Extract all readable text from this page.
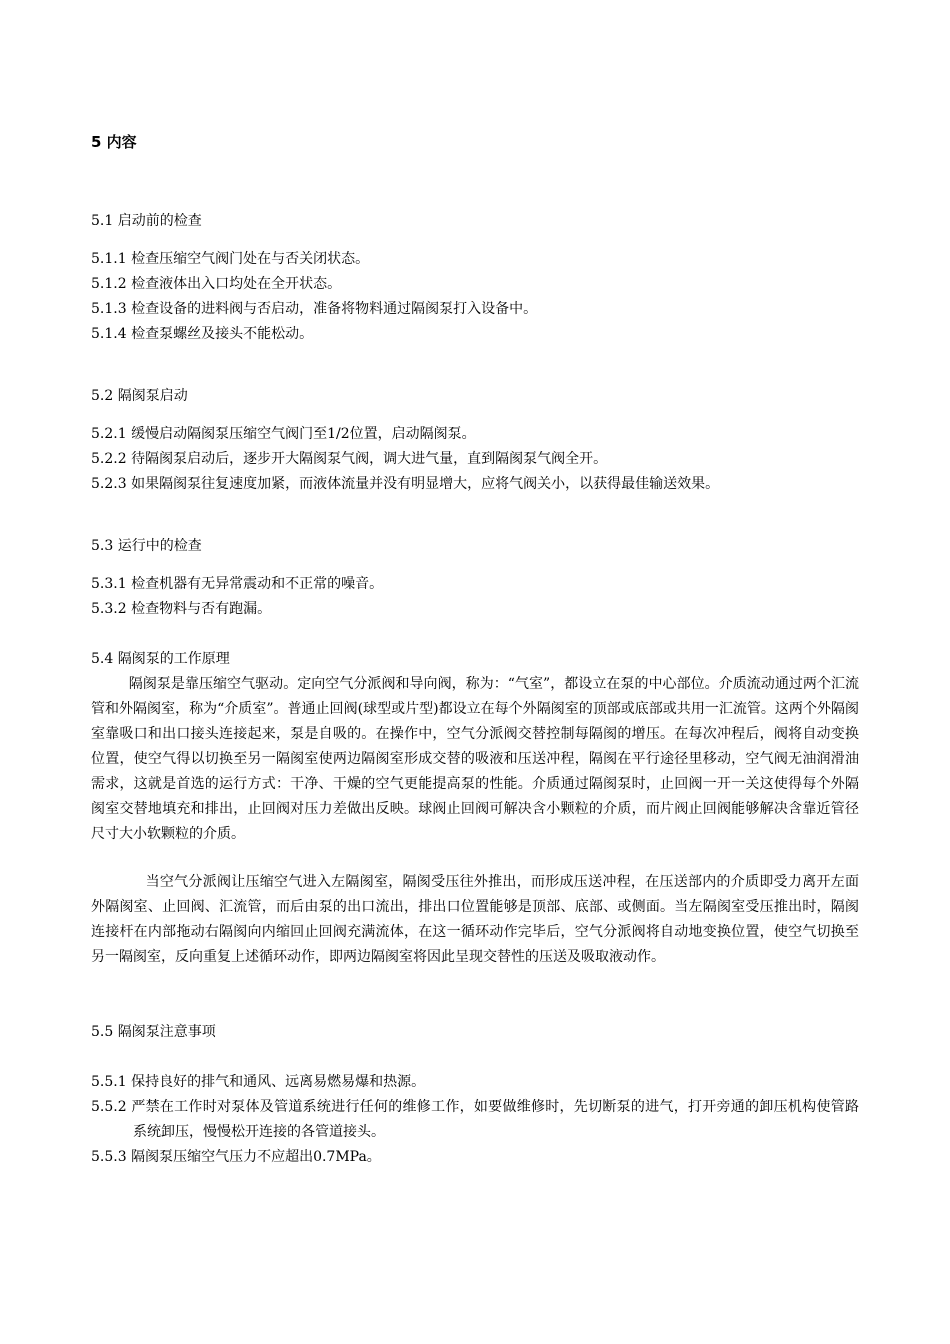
5 内容
5.1 启动前的检查
5.1.1 检查压缩空气阀门处在与否关闭状态。
5.1.2 检查液体出入口均处在全开状态。
5.1.3 检查设备的进料阀与否启动，准备将物料通过隔阂泵打入设备中。
5.1.4 检查泵螺丝及接头不能松动。
5.2 隔阂泵启动
5.2.1 缓慢启动隔阂泵压缩空气阀门至1/2位置，启动隔阂泵。
5.2.2 待隔阂泵启动后，逐步开大隔阂泵气阀，调大进气量，直到隔阂泵气阀全开。
5.2.3 如果隔阂泵往复速度加紧，而液体流量并没有明显增大，应将气阀关小，以获得最佳输送效果。
5.3 运行中的检查
5.3.1 检查机器有无异常震动和不正常的噪音。
5.3.2 检查物料与否有跑漏。
5.4 隔阂泵的工作原理
隔阂泵是靠压缩空气驱动。定向空气分派阀和导向阀，称为：“气室”，都设立在泵的中心部位。介质流动通过两个汇流管和外隔阂室，称为“介质室”。普通止回阀(球型或片型)都设立在每个外隔阂室的顶部或底部或共用一汇流管。这两个外隔阂室靠吸口和出口接头连接起来，泵是自吸的。在操作中，空气分派阀交替控制每隔阂的增压。在每次冲程后，阀将自动变换位置，使空气得以切换至另一隔阂室使两边隔阂室形成交替的吸液和压送冲程，隔阂在平行途径里移动，空气阀无油润滑油需求，这就是首选的运行方式：干净、干燥的空气更能提高泵的性能。介质通过隔阂泵时，止回阀一开一关这使得每个外隔阂室交替地填充和排出，止回阀对压力差做出反映。球阀止回阀可解决含小颗粒的介质，而片阀止回阀能够解决含靠近管径尺寸大小软颗粒的介质。
当空气分派阀让压缩空气进入左隔阂室，隔阂受压往外推出，而形成压送冲程，在压送部内的介质即受力离开左面外隔阂室、止回阀、汇流管，而后由泵的出口流出，排出口位置能够是顶部、底部、或侧面。当左隔阂室受压推出时，隔阂连接杆在内部拖动右隔阂向内缩回止回阀充满流体，在这一循环动作完毕后，空气分派阀将自动地变换位置，使空气切换至另一隔阂室，反向重复上述循环动作，即两边隔阂室将因此呈现交替性的压送及吸取液动作。
5.5 隔阂泵注意事项
5.5.1 保持良好的排气和通风、远离易燃易爆和热源。
5.5.2 严禁在工作时对泵体及管道系统进行任何的维修工作，如要做维修时，先切断泵的进气，打开旁通的卸压机构使管路系统卸压，慢慢松开连接的各管道接头。
5.5.3 隔阂泵压缩空气压力不应超出0.7MPa。
